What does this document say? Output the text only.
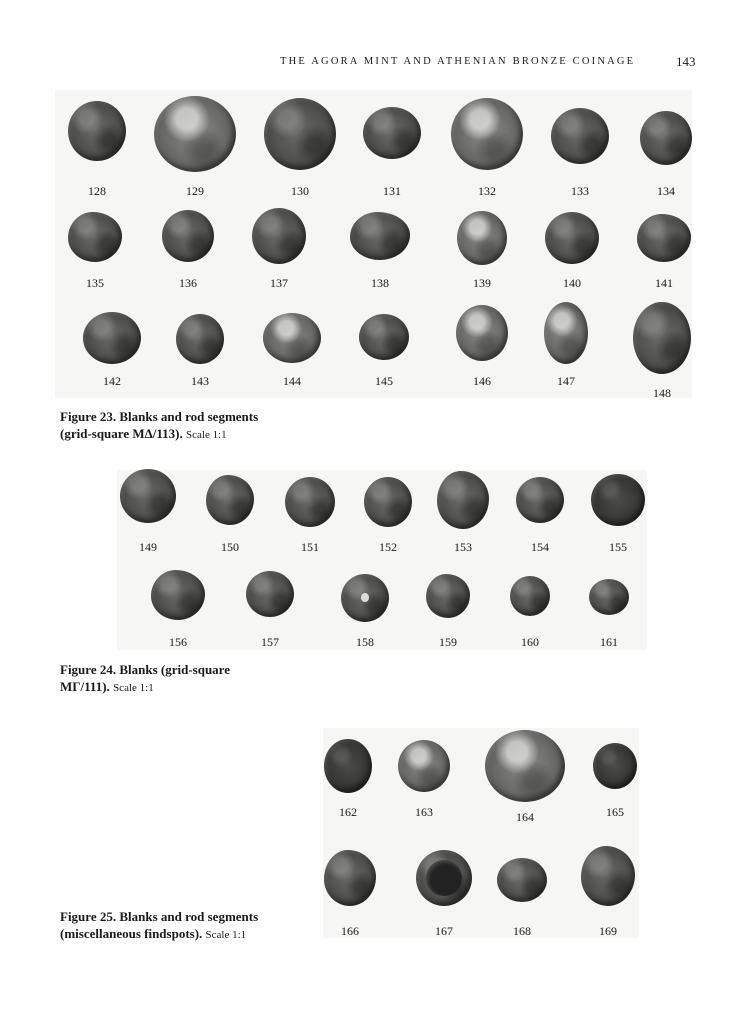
THE AGORA MINT AND ATHENIAN BRONZE COINAGE	143
Figure 23. Blanks and rod segments
(grid-square MΔ/113). Scale 1:1
Figure 24. Blanks (grid-square
MΓ/111). Scale 1:1
Figure 25. Blanks and rod segments
(miscellaneous findspots). Scale 1:1
128	129	130	131	132	133	134
135	136	137	138	139	140	141
142	143	144	145	146	147
148
149	150	151	152	153	154	155
156	157	158	159	160	161
162	163	164	165
166	167	168	169
